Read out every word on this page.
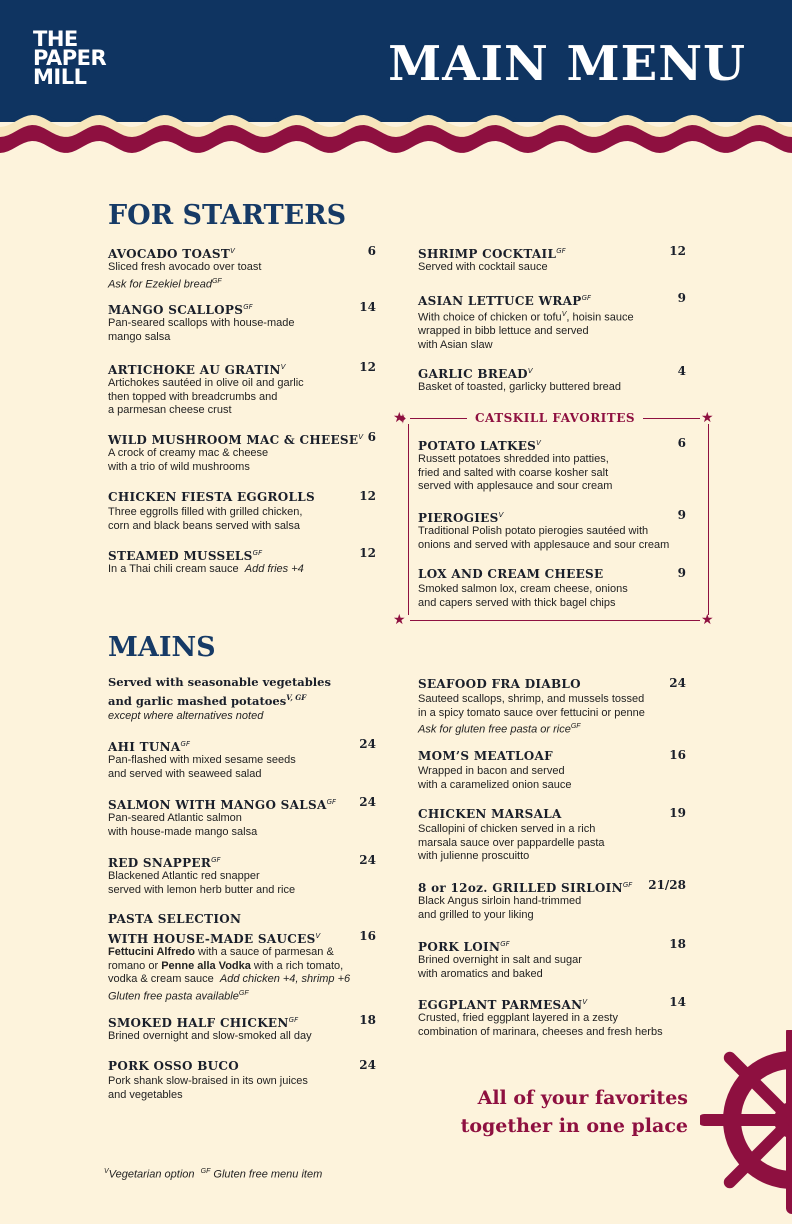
THE
PAPER
MILL	MAIN MENU
FOR STARTERS
AVOCADO $TOAST^V$	6
Sliced fresh avocado over toast
Ask for Ezekiel bread$^{GF}$
MANGO $SCALLOPS^{GF}$	14
Pan-seared scallops with house-made
mango salsa
ARTICHOKE AU $GRATIN^V$	12
Artichokes sautéed in olive oil and garlic
then topped with breadcrumbs and
a parmesan cheese crust
WILD MUSHROOM MAC & $CHEESE^V$ 6
A crock of creamy mac & cheese
with a trio of wild mushrooms
CHICKEN FIESTA EGGROLLS	12
Three eggrolls filled with grilled chicken,
corn and black beans served with salsa
STEAMED $MUSSELS^{GF}$	12
In a Thai chili cream sauce Add fries +4
SHRIMP $COCKTAIL^{GF}$	12
Served with cocktail sauce
ASIAN LETTUCE $WRAP^{GF}$	9
With choice of chicken or tofu$^V$, hoisin sauce
wrapped in bibb lettuce and served
with Asian slaw
GARLIC $BREAD^V$	4
Basket of toasted, garlicky buttered bread
★	★
★	★
CATSKILL FAVORITES
POTATO $LATKES^V$	6
Russett potatoes shredded into patties,
fried and salted with coarse kosher salt
served with applesauce and sour cream
$PIEROGIES^V$	9
Traditional Polish potato pierogies sautéed with
onions and served with applesauce and sour cream
LOX AND CREAM CHEESE	9
Smoked salmon lox, cream cheese, onions
and capers served with thick bagel chips
MAINS
Served with seasonable vegetables
and garlic mashed potatoes$^{V, GF}$
except where alternatives noted
AHI $TUNA^{GF}$	24
Pan-flashed with mixed sesame seeds
and served with seaweed salad
SALMON WITH MANGO $SALSA^{GF}$ 24
Pan-seared Atlantic salmon
with house-made mango salsa
RED $SNAPPER^{GF}$	24
Blackened Atlantic red snapper
served with lemon herb butter and rice
SMOKED HALF $CHICKEN^{GF}$	18
Brined overnight and slow-smoked all day
PORK OSSO BUCO	24
Pork shank slow-braised in its own juices
and vegetables
PASTA SELECTION
WITH HOUSE-MADE $SAUCES^V$	16
Fettucini Alfredo with a sauce of parmesan &
romano or Penne alla Vodka with a rich tomato,
vodka & cream sauce Add chicken +4, shrimp +6
Gluten free pasta available$^{GF}$
SEAFOOD FRA DIABLO	24
Sauteed scallops, shrimp, and mussels tossed
in a spicy tomato sauce over fettucini or penne
Ask for gluten free pasta or rice$^{GF}$
MOM’S MEATLOAF	16
Wrapped in bacon and served
with a caramelized onion sauce
CHICKEN MARSALA	19
Scallopini of chicken served in a rich
marsala sauce over pappardelle pasta
with julienne proscuitto
8 or 12oz. GRILLED $SIRLOIN^{GF}$ 21/28
Black Angus sirloin hand-trimmed
and grilled to your liking
PORK $LOIN^{GF}$	18
Brined overnight in salt and sugar
with aromatics and baked
EGGPLANT $PARMESAN^V$	14
Crusted, fried eggplant layered in a zesty
combination of marinara, cheeses and fresh herbs
All of your favorites
together in one place
$^V$Vegetarian option $^{GF}$ Gluten free menu item
